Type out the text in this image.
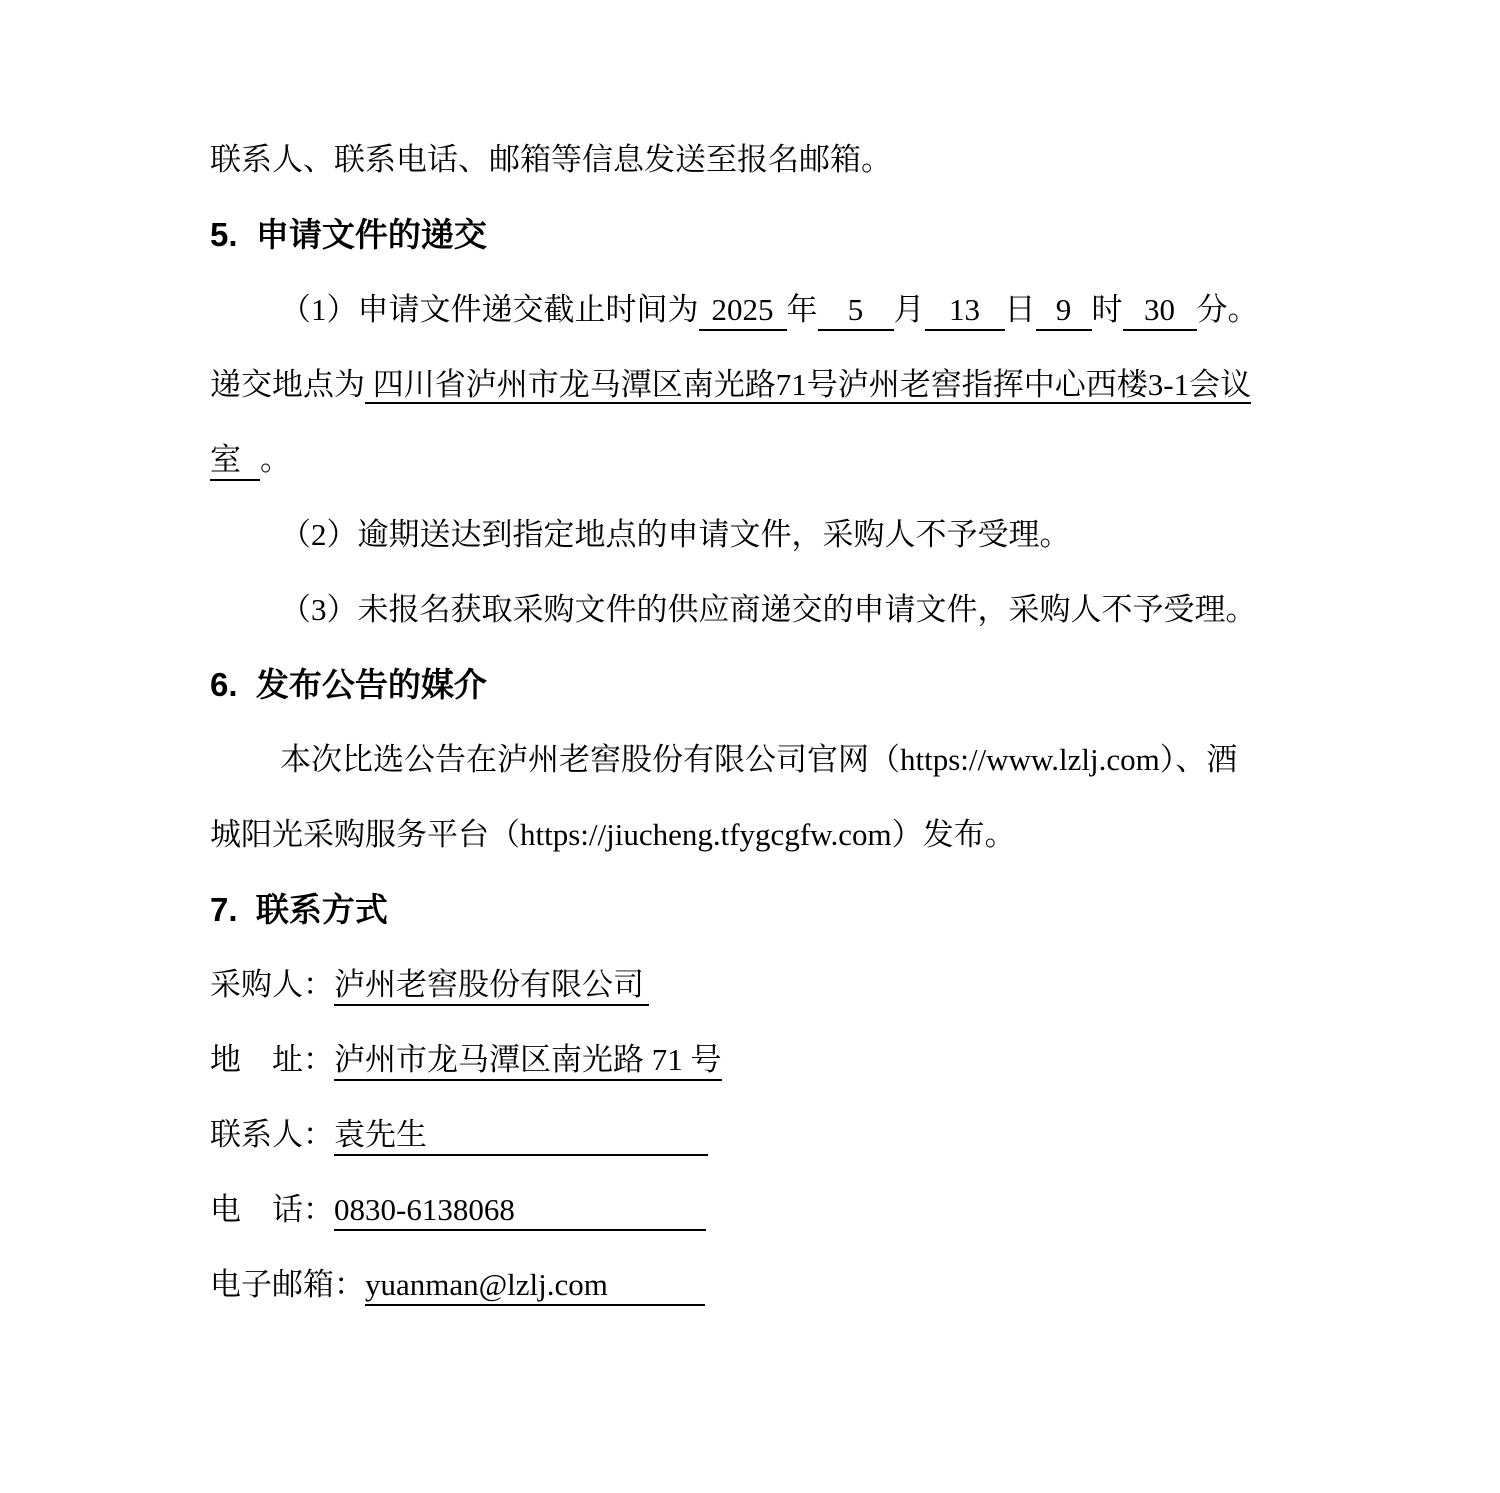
联系人、联系电话、邮箱等信息发送至报名邮箱。
5.  申请文件的递交
（1）申请文件递交截止时间为 2025 年 5 月 13 日 9 时 30 分。
递交地点为 四川省泸州市龙马潭区南光路71号泸州老窖指挥中心西楼3-1会议
室 。
（2）逾期送达到指定地点的申请文件，采购人不予受理。
（3）未报名获取采购文件的供应商递交的申请文件，采购人不予受理。
6.  发布公告的媒介
本次比选公告在泸州老窖股份有限公司官网（https://www.lzlj.com）、酒
城阳光采购服务平台（https://jiucheng.tfygcgfw.com）发布。
7.  联系方式
采购人：泸州老窖股份有限公司
地　址：泸州市龙马潭区南光路 71 号
联系人：袁先生
电　话：0830-6138068
电子邮箱：yuanman@lzlj.com
